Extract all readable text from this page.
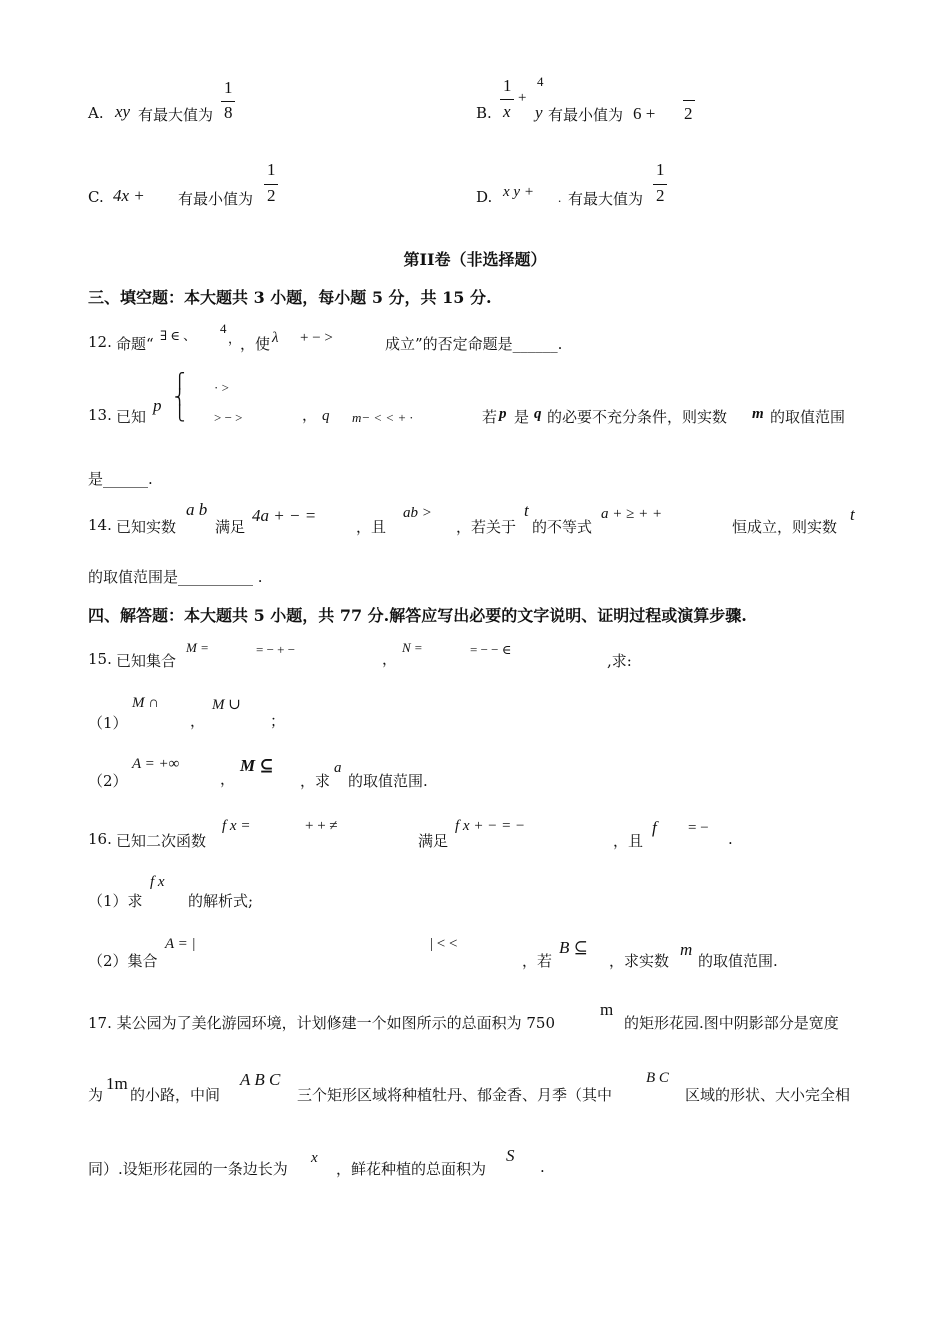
A. xy 有最大值为
1
8	B.
1
x
+
4
y 有最小值为 6 + 2
C. 4x + 有最小值为
1
2	D. x y + . 有最大值为
1
2
第II卷（非选择题）
三、填空题：本大题共 3 小题，每小题 5 分，共 15 分.
12. 命题“ ∃ ∈ 、 4
，
，使 λ + − >	成立”的否定命题是______.
13. 已知
p
⎧
⎨
⎩
· >
> − >	， q m− < < + ·	若 p 是 q 的必要不充分条件，则实数 m 的取值范围
是______.
14. 已知实数
a b
满足
4a + − =
，且
ab >
，若关于
t
的不等式
a + ≥ + +
恒成立，则实数
t
的取值范围是__________ .
四、解答题：本大题共 5 小题，共 77 分.解答应写出必要的文字说明、证明过程或演算步骤.
15. 已知集合
M =	= − + −
，
N =	= − − ∈
,求:
（1）
M ∩
，
M ∪
；
（2）
A = +∞
，
M ⊆
，求
a
的取值范围.
16. 已知二次函数
f x =	+ + ≠
满足
f x + − = −
，且
f = −
.
（1）求
f x
的解析式;
（2）集合
A = |	| < <
，若
B ⊆
，求实数
m
的取值范围.
17. 某公园为了美化游园环境，计划修建一个如图所示的总面积为 750
m
的矩形花园.图中阴影部分是宽度
为
1m
的小路，中间
A B C
三个矩形区域将种植牡丹、郁金香、月季（其中
B C
区域的形状、大小完全相
同）.设矩形花园的一条边长为
x
，鲜花种植的总面积为
S
.
